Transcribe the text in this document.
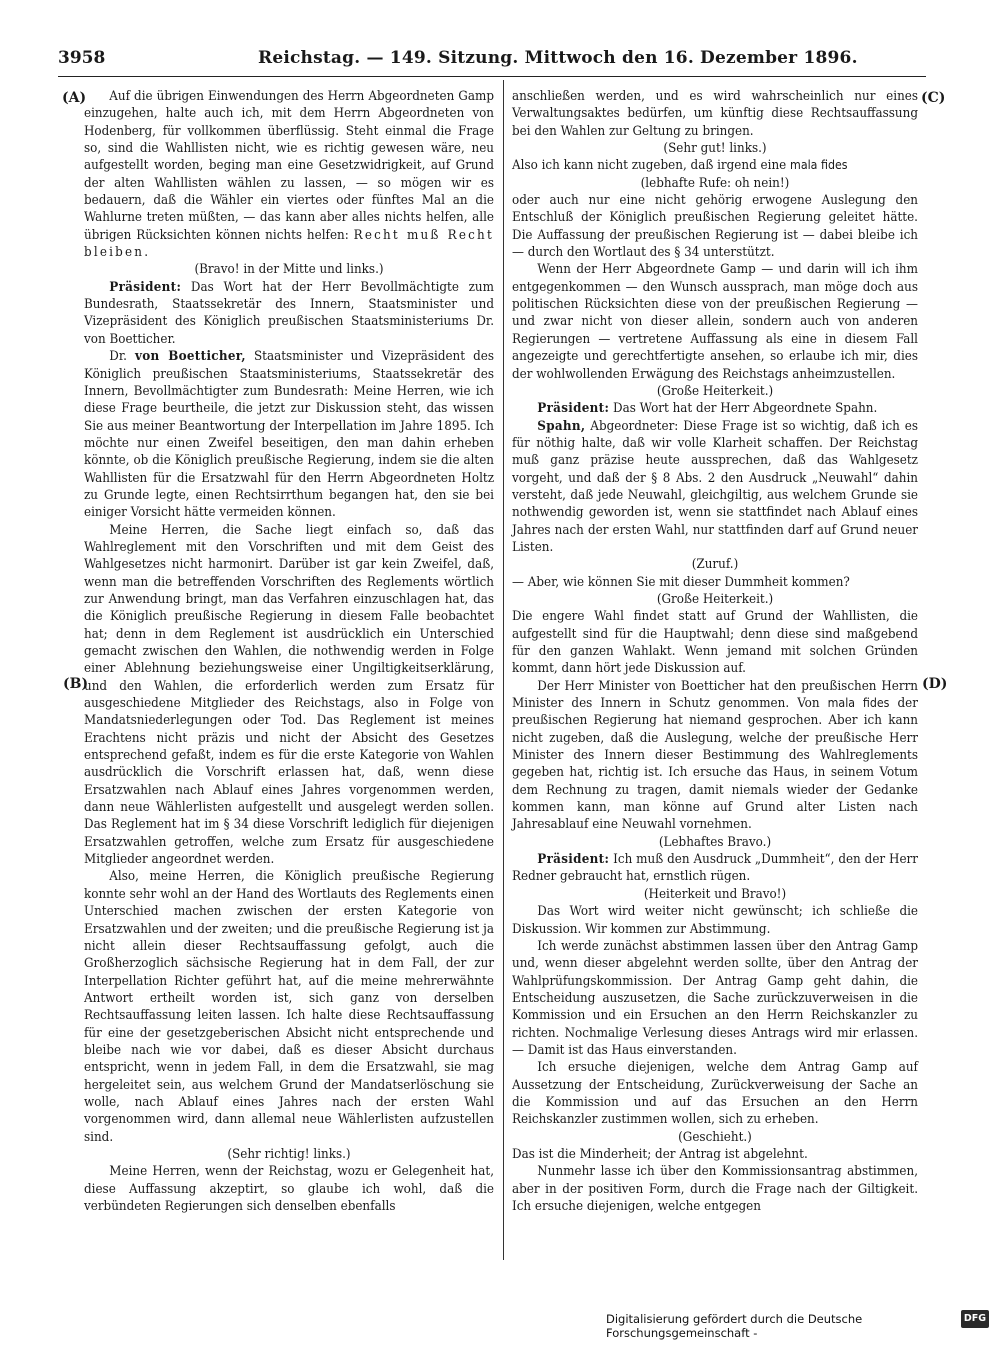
3958	Reichstag. — 149. Sitzung. Mittwoch den 16. Dezember 1896.
(A)
(B)
(C)
(D)

Auf die übrigen Einwendungen des Herrn Abgeordneten Gamp einzugehen, halte auch ich, mit dem Herrn Abgeordneten von Hodenberg, für vollkommen überflüssig. Steht einmal die Frage so, sind die Wahllisten nicht, wie es richtig gewesen wäre, neu aufgestellt worden, beging man eine Gesetzwidrigkeit, auf Grund der alten Wahllisten wählen zu lassen, — so mögen wir es bedauern, daß die Wähler ein viertes oder fünftes Mal an die Wahlurne treten müßten, — das kann aber alles nichts helfen, alle übrigen Rücksichten können nichts helfen: Recht muß Recht bleiben.

(Bravo! in der Mitte und links.)

Präsident: Das Wort hat der Herr Bevollmächtigte zum Bundesrath, Staatssekretär des Innern, Staatsminister und Vizepräsident des Königlich preußischen Staatsministeriums Dr. von Boetticher.

Dr. von Boetticher, Staatsminister und Vizepräsident des Königlich preußischen Staatsministeriums, Staatssekretär des Innern, Bevollmächtigter zum Bundesrath: Meine Herren, wie ich diese Frage beurtheile, die jetzt zur Diskussion steht, das wissen Sie aus meiner Beantwortung der Interpellation im Jahre 1895. Ich möchte nur einen Zweifel beseitigen, den man dahin erheben könnte, ob die Königlich preußische Regierung, indem sie die alten Wahllisten für die Ersatzwahl für den Herrn Abgeordneten Holtz zu Grunde legte, einen Rechtsirrthum begangen hat, den sie bei einiger Vorsicht hätte vermeiden können.

Meine Herren, die Sache liegt einfach so, daß das Wahlreglement mit den Vorschriften und mit dem Geist des Wahlgesetzes nicht harmonirt. Darüber ist gar kein Zweifel, daß, wenn man die betreffenden Vorschriften des Reglements wörtlich zur Anwendung bringt, man das Verfahren einzuschlagen hat, das die Königlich preußische Regierung in diesem Falle beobachtet hat; denn in dem Reglement ist ausdrücklich ein Unterschied gemacht zwischen den Wahlen, die nothwendig werden in Folge einer Ablehnung beziehungsweise einer Ungiltigkeitserklärung, und den Wahlen, die erforderlich werden zum Ersatz für ausgeschiedene Mitglieder des Reichstags, also in Folge von Mandatsniederlegungen oder Tod. Das Reglement ist meines Erachtens nicht präzis und nicht der Absicht des Gesetzes entsprechend gefaßt, indem es für die erste Kategorie von Wahlen ausdrücklich die Vorschrift erlassen hat, daß, wenn diese Ersatzwahlen nach Ablauf eines Jahres vorgenommen werden, dann neue Wählerlisten aufgestellt und ausgelegt werden sollen. Das Reglement hat im § 34 diese Vorschrift lediglich für diejenigen Ersatzwahlen getroffen, welche zum Ersatz für ausgeschiedene Mitglieder angeordnet werden.

Also, meine Herren, die Königlich preußische Regierung konnte sehr wohl an der Hand des Wortlauts des Reglements einen Unterschied machen zwischen der ersten Kategorie von Ersatzwahlen und der zweiten; und die preußische Regierung ist ja nicht allein dieser Rechtsauffassung gefolgt, auch die Großherzoglich sächsische Regierung hat in dem Fall, der zur Interpellation Richter geführt hat, auf die meine mehrerwähnte Antwort ertheilt worden ist, sich ganz von derselben Rechtsauffassung leiten lassen. Ich halte diese Rechtsauffassung für eine der gesetzgeberischen Absicht nicht entsprechende und bleibe nach wie vor dabei, daß es dieser Absicht durchaus entspricht, wenn in jedem Fall, in dem die Ersatzwahl, sie mag hergeleitet sein, aus welchem Grund der Mandatserlöschung sie wolle, nach Ablauf eines Jahres nach der ersten Wahl vorgenommen wird, dann allemal neue Wählerlisten aufzustellen sind.

(Sehr richtig! links.)

Meine Herren, wenn der Reichstag, wozu er Gelegenheit hat, diese Auffassung akzeptirt, so glaube ich wohl, daß die verbündeten Regierungen sich denselben ebenfalls

anschließen werden, und es wird wahrscheinlich nur eines Verwaltungsaktes bedürfen, um künftig diese Rechtsauffassung bei den Wahlen zur Geltung zu bringen.

(Sehr gut! links.)

Also ich kann nicht zugeben, daß irgend eine mala fides

(lebhafte Rufe: oh nein!)

oder auch nur eine nicht gehörig erwogene Auslegung den Entschluß der Königlich preußischen Regierung geleitet hätte. Die Auffassung der preußischen Regierung ist — dabei bleibe ich — durch den Wortlaut des § 34 unterstützt.

Wenn der Herr Abgeordnete Gamp — und darin will ich ihm entgegenkommen — den Wunsch aussprach, man möge doch aus politischen Rücksichten diese von der preußischen Regierung — und zwar nicht von dieser allein, sondern auch von anderen Regierungen — vertretene Auffassung als eine in diesem Fall angezeigte und gerechtfertigte ansehen, so erlaube ich mir, dies der wohlwollenden Erwägung des Reichstags anheimzustellen.

(Große Heiterkeit.)

Präsident: Das Wort hat der Herr Abgeordnete Spahn.

Spahn, Abgeordneter: Diese Frage ist so wichtig, daß ich es für nöthig halte, daß wir volle Klarheit schaffen. Der Reichstag muß ganz präzise heute aussprechen, daß das Wahlgesetz vorgeht, und daß der § 8 Abs. 2 den Ausdruck „Neuwahl“ dahin versteht, daß jede Neuwahl, gleichgiltig, aus welchem Grunde sie nothwendig geworden ist, wenn sie stattfindet nach Ablauf eines Jahres nach der ersten Wahl, nur stattfinden darf auf Grund neuer Listen.

(Zuruf.)

— Aber, wie können Sie mit dieser Dummheit kommen?

(Große Heiterkeit.)

Die engere Wahl findet statt auf Grund der Wahllisten, die aufgestellt sind für die Hauptwahl; denn diese sind maßgebend für den ganzen Wahlakt. Wenn jemand mit solchen Gründen kommt, dann hört jede Diskussion auf.

Der Herr Minister von Boetticher hat den preußischen Herrn Minister des Innern in Schutz genommen. Von mala fides der preußischen Regierung hat niemand gesprochen. Aber ich kann nicht zugeben, daß die Auslegung, welche der preußische Herr Minister des Innern dieser Bestimmung des Wahlreglements gegeben hat, richtig ist. Ich ersuche das Haus, in seinem Votum dem Rechnung zu tragen, damit niemals wieder der Gedanke kommen kann, man könne auf Grund alter Listen nach Jahresablauf eine Neuwahl vornehmen.

(Lebhaftes Bravo.)

Präsident: Ich muß den Ausdruck „Dummheit“, den der Herr Redner gebraucht hat, ernstlich rügen.

(Heiterkeit und Bravo!)

Das Wort wird weiter nicht gewünscht; ich schließe die Diskussion. Wir kommen zur Abstimmung.

Ich werde zunächst abstimmen lassen über den Antrag Gamp und, wenn dieser abgelehnt werden sollte, über den Antrag der Wahlprüfungskommission. Der Antrag Gamp geht dahin, die Entscheidung auszusetzen, die Sache zurückzuverweisen in die Kommission und ein Ersuchen an den Herrn Reichskanzler zu richten. Nochmalige Verlesung dieses Antrags wird mir erlassen. — Damit ist das Haus einverstanden.

Ich ersuche diejenigen, welche dem Antrag Gamp auf Aussetzung der Entscheidung, Zurückverweisung der Sache an die Kommission und auf das Ersuchen an den Herrn Reichskanzler zustimmen wollen, sich zu erheben.

(Geschieht.)

Das ist die Minderheit; der Antrag ist abgelehnt.

Nunmehr lasse ich über den Kommissionsantrag abstimmen, aber in der positiven Form, durch die Frage nach der Giltigkeit. Ich ersuche diejenigen, welche entgegen

Digitalisierung gefördert durch die Deutsche Forschungsgemeinschaft -
DFG
